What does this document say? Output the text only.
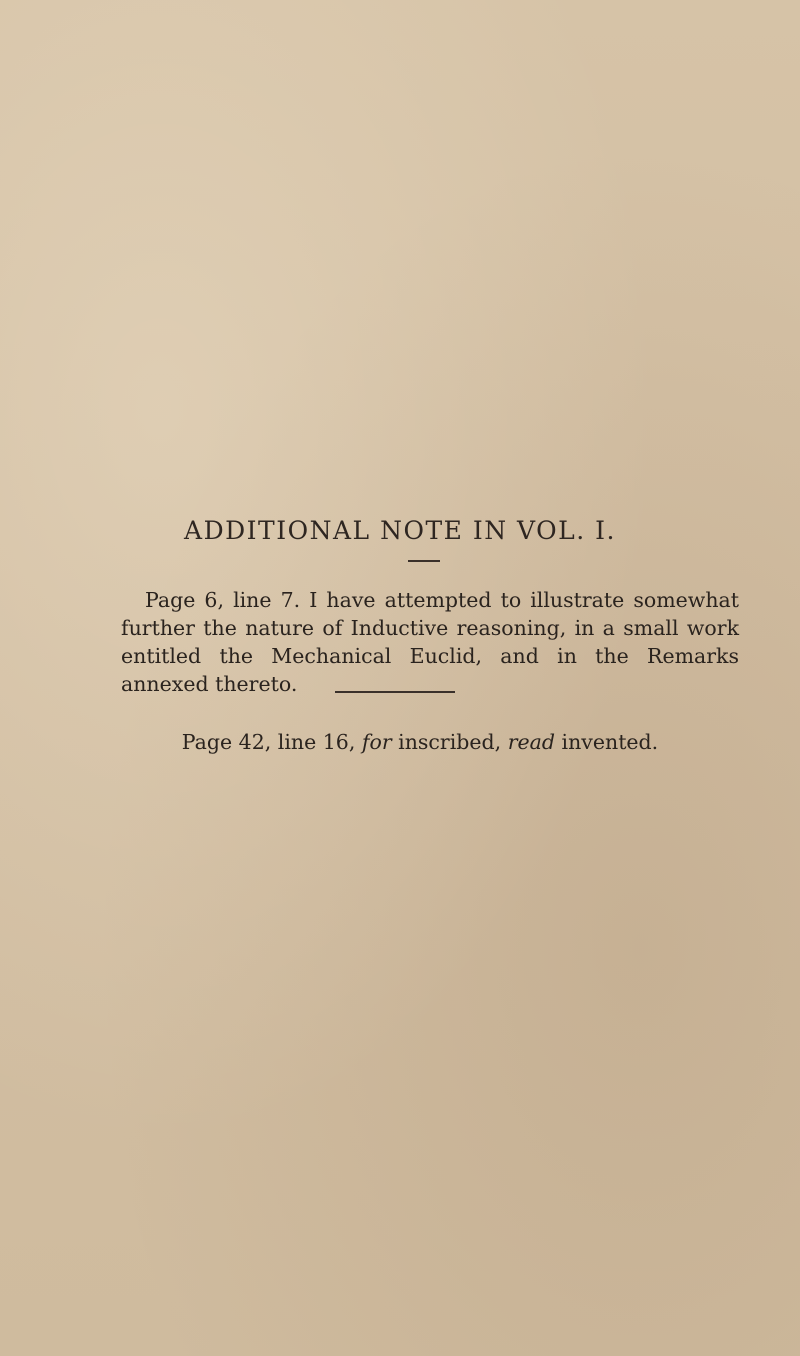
ADDITIONAL NOTE IN VOL. I.

Page 6, line 7. I have attempted to illustrate somewhat further the nature of Inductive reasoning, in a small work entitled the Mechanical Euclid, and in the Remarks annexed thereto.

Page 42, line 16, for inscribed, read invented.
